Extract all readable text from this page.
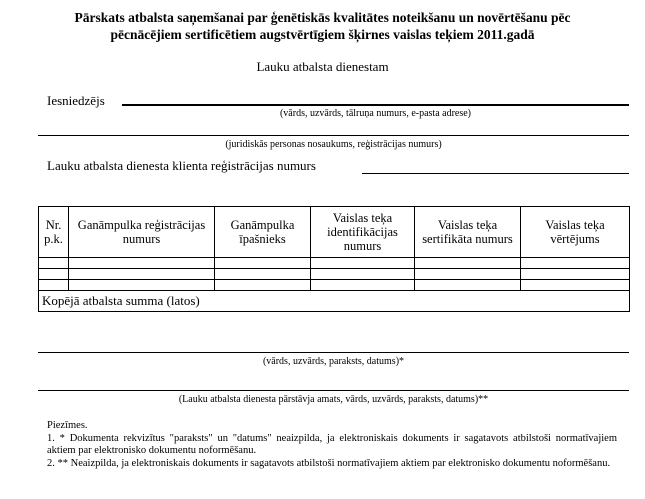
Pārskats atbalsta saņemšanai par ģenētiskās kvalitātes noteikšanu un novērtēšanu pēc
pēcnācējiem sertificētiem augstvērtīgiem šķirnes vaislas teķiem 2011.gadā
Lauku atbalsta dienestam
Iesniedzējs
(vārds, uzvārds, tālruņa numurs, e-pasta adrese)
(juridiskās personas nosaukums, reģistrācijas numurs)
Lauku atbalsta dienesta klienta reģistrācijas numurs
Nr. p.k.	Ganāmpulka reģistrācijas numurs	Ganāmpulka īpašnieks	Vaislas teķa identifikācijas numurs	Vaislas teķa sertifikāta numurs	Vaislas teķa vērtējums

Kopējā atbalsta summa (latos)					
(vārds, uzvārds, paraksts, datums)*
(Lauku atbalsta dienesta pārstāvja amats, vārds, uzvārds, paraksts, datums)**
Piezīmes.
1. * Dokumenta rekvizītus "paraksts" un "datums" neaizpilda, ja elektroniskais dokuments ir sagatavots atbilstoši normatīvajiem aktiem par elektronisko dokumentu noformēšanu.
2. ** Neaizpilda, ja elektroniskais dokuments ir sagatavots atbilstoši normatīvajiem aktiem par elektronisko dokumentu noformēšanu.
